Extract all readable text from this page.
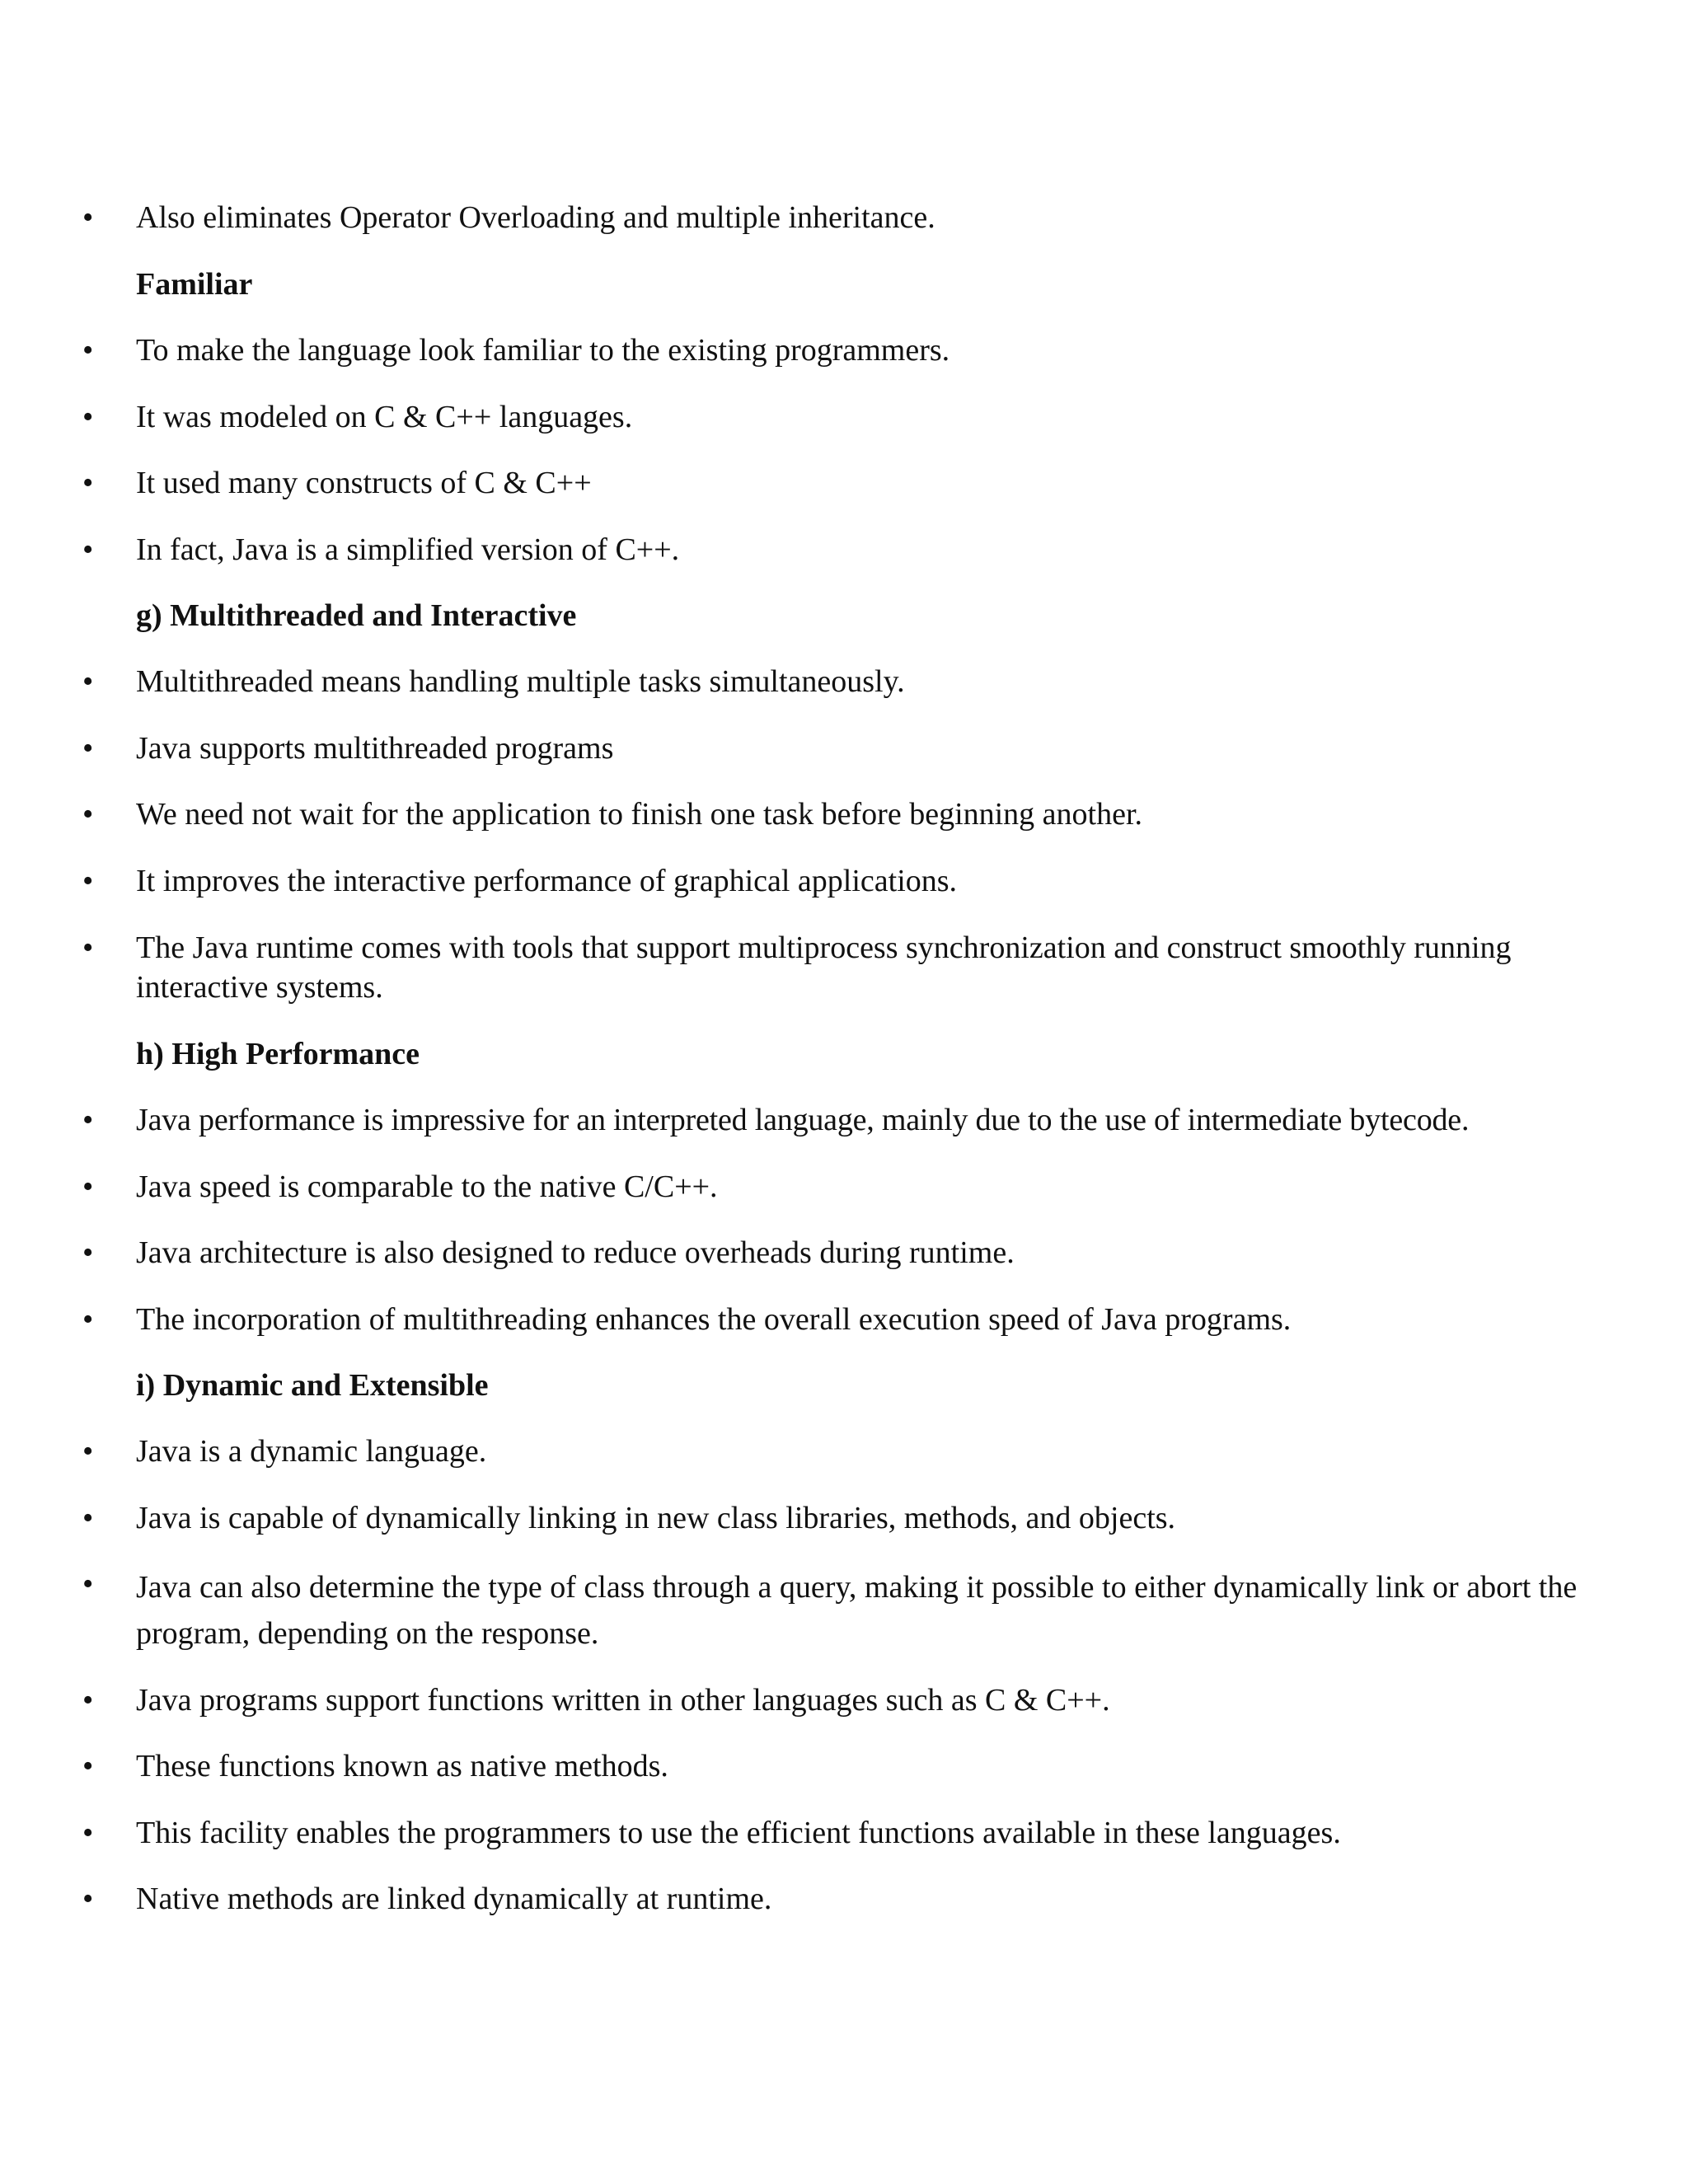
•	Also eliminates Operator Overloading and multiple inheritance.
Familiar
•	To make the language look familiar to the existing programmers.
•	It was modeled on C & C++ languages.
•	It used many constructs of C & C++
•	In fact, Java is a simplified version of C++.
g) Multithreaded and Interactive
•	Multithreaded means handling multiple tasks simultaneously.
•	Java supports multithreaded programs
•	We need not wait for the application to finish one task before beginning another.
•	It improves the interactive performance of graphical applications.
•	The Java runtime comes with tools that support multiprocess synchronization and construct smoothly running interactive systems.
h) High Performance
•	Java performance is impressive for an interpreted language, mainly due to the use of intermediate bytecode.
•	Java speed is comparable to the native C/C++.
•	Java architecture is also designed to reduce overheads during runtime.
•	The incorporation of multithreading enhances the overall execution speed of Java programs.
i) Dynamic and Extensible
•	Java is a dynamic language.
•	Java is capable of dynamically linking in new class libraries, methods, and objects.
•	Java can also determine the type of class through a query, making it possible to either dynamically link or abort the program, depending on the response.
•	Java programs support functions written in other languages such as C & C++.
•	These functions known as native methods.
•	This facility enables the programmers to use the efficient functions available in these languages.
•	Native methods are linked dynamically at runtime.
